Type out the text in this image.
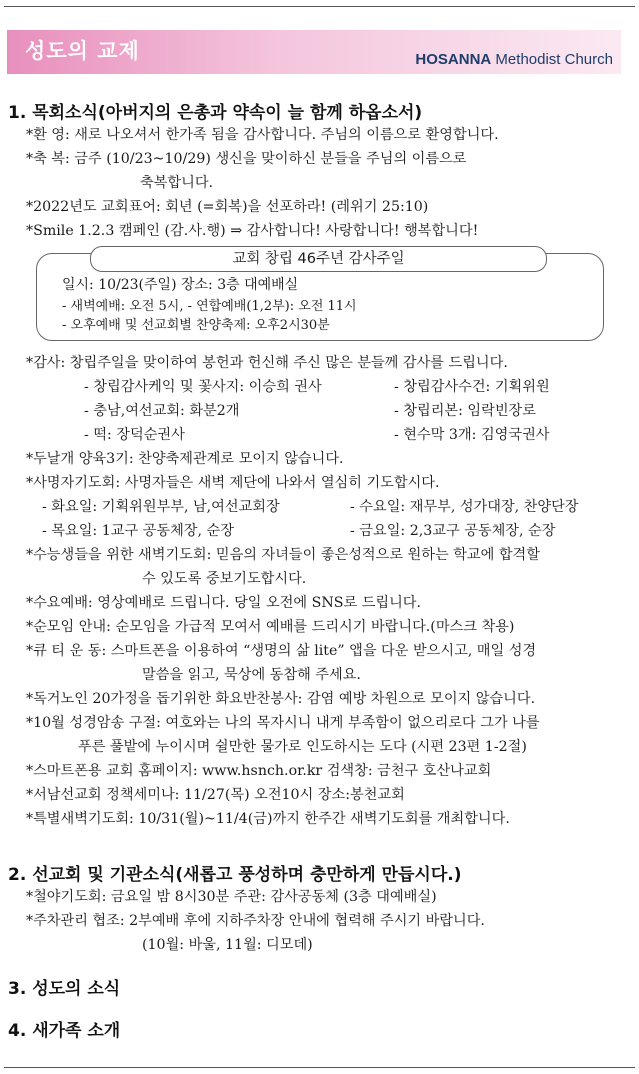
성도의 교제	HOSANNA Methodist Church
1. 목회소식(아버지의 은총과 약속이 늘 함께 하옵소서)
*환 영: 새로 나오셔서 한가족 됨을 감사합니다. 주님의 이름으로 환영합니다.
*축 복: 금주 (10/23~10/29) 생신을 맞이하신 분들을 주님의 이름으로
축복합니다.
*2022년도 교회표어: 회년 (=회복)을 선포하라! (레위기 25:10)
*Smile 1.2.3 캠페인 (감.사.행) ⇒ 감사합니다! 사랑합니다! 행복합니다!
교회 창립 46주년 감사주일
일시: 10/23(주일) 장소: 3층 대예배실
- 새벽예배: 오전 5시, - 연합예배(1,2부): 오전 11시
- 오후예배 및 선교회별 찬양축제: 오후2시30분
*감사: 창립주일을 맞이하여 봉헌과 헌신해 주신 많은 분들께 감사를 드립니다.
- 창립감사케익 및 꽃사지: 이승희 권사	- 창립감사수건: 기획위원
- 충남,여선교회: 화분2개	- 창립리본: 임락빈장로
- 떡: 장덕순권사	- 현수막 3개: 김영국권사
*두날개 양육3기: 찬양축제관계로 모이지 않습니다.
*사명자기도회: 사명자들은 새벽 제단에 나와서 열심히 기도합시다.
- 화요일: 기획위원부부, 남,여선교회장	- 수요일: 재무부, 성가대장, 찬양단장
- 목요일: 1교구 공동체장, 순장	- 금요일: 2,3교구 공동체장, 순장
*수능생들을 위한 새벽기도회: 믿음의 자녀들이 좋은성적으로 원하는 학교에 합격할
수 있도록 중보기도합시다.
*수요예배: 영상예배로 드립니다. 당일 오전에 SNS로 드립니다.
*순모임 안내: 순모임을 가급적 모여서 예배를 드리시기 바랍니다.(마스크 착용)
*큐 티 운 동: 스마트폰을 이용하여 “생명의 삶 lite” 앱을 다운 받으시고, 매일 성경
말씀을 읽고, 묵상에 동참해 주세요.
*독거노인 20가정을 돕기위한 화요반찬봉사: 감염 예방 차원으로 모이지 않습니다.
*10월 성경암송 구절: 여호와는 나의 목자시니 내게 부족함이 없으리로다 그가 나를
푸른 풀밭에 누이시며 쉴만한 물가로 인도하시는 도다 (시편 23편 1-2절)
*스마트폰용 교회 홈페이지: www.hsnch.or.kr 검색창: 금천구 호산나교회
*서남선교회 정책세미나: 11/27(목) 오전10시 장소:봉천교회
*특별새벽기도회: 10/31(월)~11/4(금)까지 한주간 새벽기도회를 개최합니다.
2. 선교회 및 기관소식(새롭고 풍성하며 충만하게 만듭시다.)
*철야기도회: 금요일 밤 8시30분 주관: 감사공동체 (3층 대예배실)
*주차관리 협조: 2부예배 후에 지하주차장 안내에 협력해 주시기 바랍니다.
(10월: 바울, 11월: 디모데)
3. 성도의 소식
4. 새가족 소개
